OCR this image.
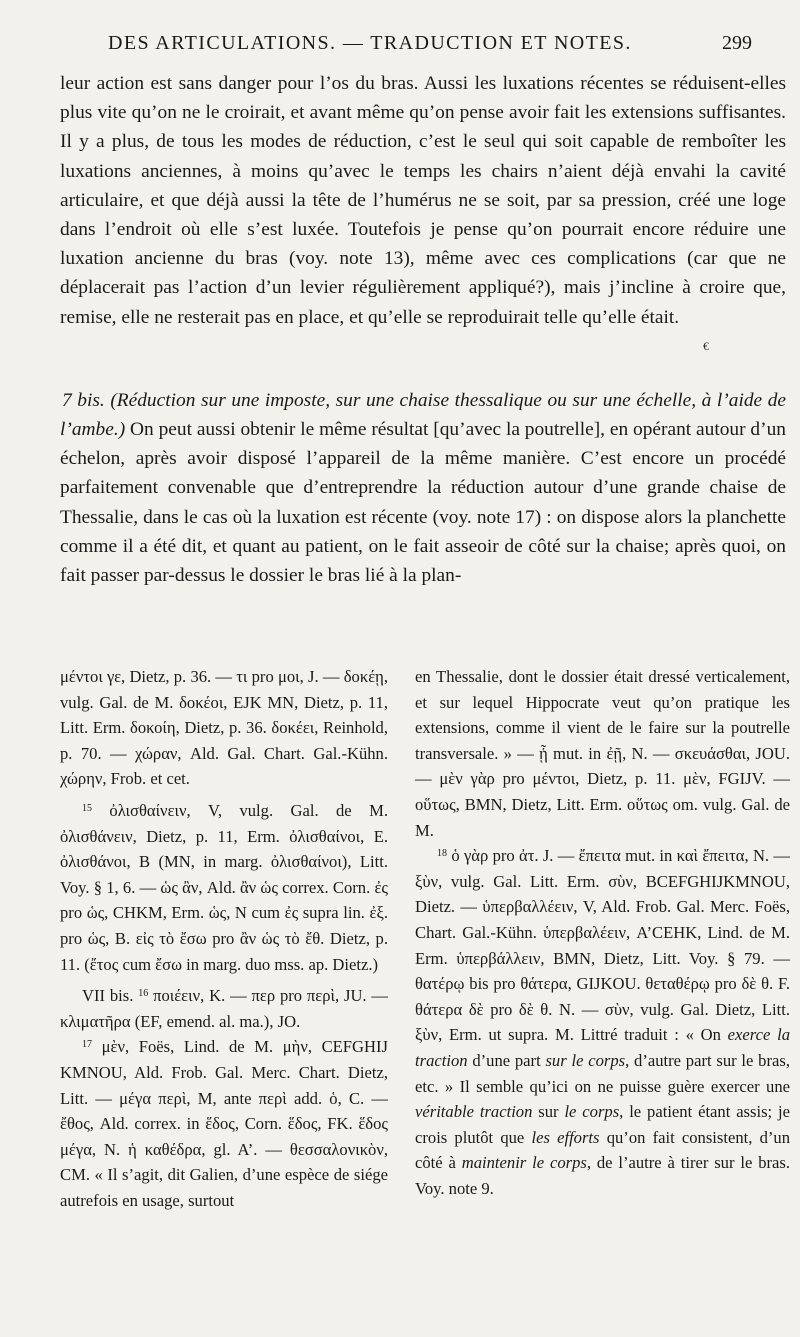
DES ARTICULATIONS. — TRADUCTION ET NOTES.	299

leur action est sans danger pour l’os du bras. Aussi les luxations récentes se réduisent-elles plus vite qu’on ne le croirait, et avant même qu’on pense avoir fait les extensions suffisantes. Il y a plus, de tous les modes de réduction, c’est le seul qui soit capable de remboîter les luxations anciennes, à moins qu’avec le temps les chairs n’aient déjà envahi la cavité articulaire, et que déjà aussi la tête de l’humérus ne se soit, par sa pression, créé une loge dans l’endroit où elle s’est luxée. Toutefois je pense qu’on pourrait encore réduire une luxation ancienne du bras (voy. note 13), même avec ces complications (car que ne déplacerait pas l’action d’un levier régulièrement appliqué?), mais j’incline à croire que, remise, elle ne resterait pas en place, et qu’elle se reproduirait telle qu’elle était.

7 bis. (Réduction sur une imposte, sur une chaise thessalique ou sur une échelle, à l’aide de l’ambe.) On peut aussi obtenir le même résultat [qu’avec la poutrelle], en opérant autour d’un échelon, après avoir disposé l’appareil de la même manière. C’est encore un procédé parfaitement convenable que d’entreprendre la réduction autour d’une grande chaise de Thessalie, dans le cas où la luxation est récente (voy. note 17) : on dispose alors la planchette comme il a été dit, et quant au patient, on le fait asseoir de côté sur la chaise; après quoi, on fait passer par-dessus le dossier le bras lié à la plan-

€

μέντοι γε, Dietz, p. 36. — τι pro μοι, J. — δοκέῃ, vulg. Gal. de M. δοκέοι, EJK MN, Dietz, p. 11, Litt. Erm. δοκοίη, Dietz, p. 36. δοκέει, Reinhold, p. 70. — χώραν, Ald. Gal. Chart. Gal.-Kühn. χώρην, Frob. et cet.

$^{15}$ ὀλισθαίνειν, V, vulg. Gal. de M. ὀλισθάνειν, Dietz, p. 11, Erm. ὀλισθαίνοι, E. ὀλισθάνοι, B (MN, in marg. ὀλισθαίνοι), Litt. Voy. § 1, 6. — ὡς ἂν, Ald. ἂν ὡς correx. Corn. ἐς pro ὡς, CHKM, Erm. ὡς, N cum ἐς supra lin. ἐξ. pro ὡς, B. εἰς τὸ ἔσω pro ἂν ὡς τὸ ἔθ. Dietz, p. 11. (ἔτος cum ἔσω in marg. duo mss. ap. Dietz.)

VII bis. $^{16}$ ποιέειν, K. — περ pro περὶ, JU. — κλιματῆρα (EF, emend. al. ma.), JO.

$^{17}$ μὲν, Foës, Lind. de M. μὴν, CEFGHIJ KMNOU, Ald. Frob. Gal. Merc. Chart. Dietz, Litt. — μέγα περὶ, M, ante περὶ add. ὁ, C. — ἔθος, Ald. correx. in ἕδος, Corn. ἕδος, FK. ἕδος μέγα, N. ἡ καθέδρα, gl. A’. — θεσσαλονικὸν, CM. « Il s’agit, dit Galien, d’une espèce de siége autrefois en usage, surtout

en Thessalie, dont le dossier était dressé verticalement, et sur lequel Hippocrate veut qu’on pratique les extensions, comme il vient de le faire sur la poutrelle transversale. » — ᾗ mut. in ἐῇ, N. — σκευάσθαι, JOU. — μὲν γὰρ pro μέντοι, Dietz, p. 11. μὲν, FGIJV. — οὕτως, BMN, Dietz, Litt. Erm. οὕτως om. vulg. Gal. de M.

$^{18}$ ὁ γὰρ pro ἀτ. J. — ἔπειτα mut. in καὶ ἔπειτα, N. — ξὺν, vulg. Gal. Litt. Erm. σὺν, BCEFGHIJKMNOU, Dietz. — ὑπερβαλλέειν, V, Ald. Frob. Gal. Merc. Foës, Chart. Gal.-Kühn. ὑπερβαλέειν, A’CEHK, Lind. de M. Erm. ὑπερβάλλειν, BMN, Dietz, Litt. Voy. § 79. — θατέρῳ bis pro θάτερα, GIJKOU. θεταθέρῳ pro δὲ θ. F. θάτερα δὲ pro δὲ θ. N. — σὺν, vulg. Gal. Dietz, Litt. ξὺν, Erm. ut supra. M. Littré traduit : « On exerce la traction d’une part sur le corps, d’autre part sur le bras, etc. » Il semble qu’ici on ne puisse guère exercer une véritable traction sur le corps, le patient étant assis; je crois plutôt que les efforts qu’on fait consistent, d’un côté à maintenir le corps, de l’autre à tirer sur le bras. Voy. note 9.
